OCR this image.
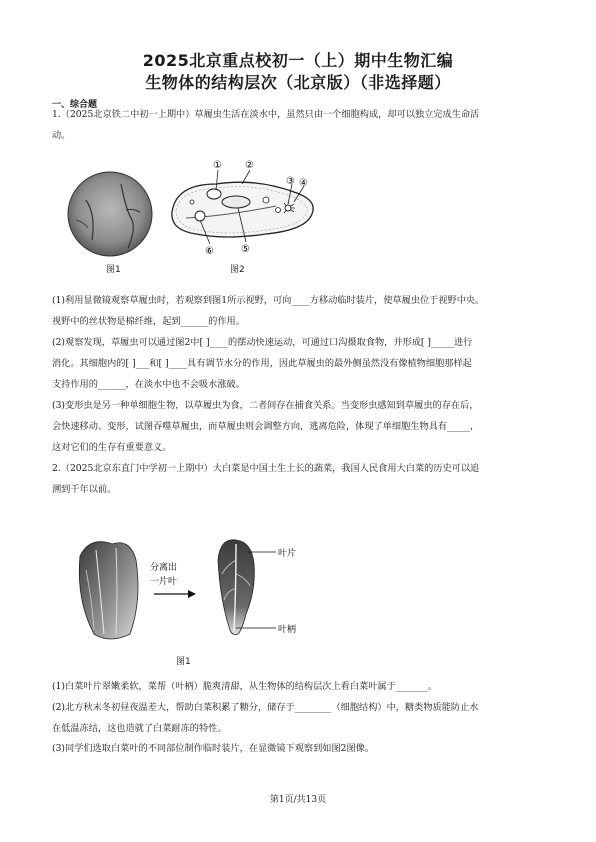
2025北京重点校初一（上）期中生物汇编
生物体的结构层次（北京版）（非选择题）
一、综合题
1.（2025北京铁二中初一上期中）草履虫生活在淡水中，虽然只由一个细胞构成，却可以独立完成生命活
动。
图1
① ②
③ ④
⑤
⑥
图2
(1)利用显微镜观察草履虫时，若观察到图1所示视野，可向____方移动临时装片，使草履虫位于视野中央。
视野中的丝状物是棉纤维，起到______的作用。
(2)观察发现，草履虫可以通过图2中[ ]____的摆动快速运动，可通过口沟摄取食物，并形成[ ]_____进行
消化。其细胞内的[ ]___和[ ]____具有调节水分的作用，因此草履虫的最外侧虽然没有像植物细胞那样起
支持作用的______，在淡水中也不会吸水涨破。
(3)变形虫是另一种单细胞生物，以草履虫为食，二者间存在捕食关系。当变形虫感知到草履虫的存在后，
会快速移动、变形，试图吞噬草履虫，而草履虫则会调整方向，逃离危险，体现了单细胞生物具有_____，
这对它们的生存有重要意义。
2.（2025北京东直门中学初一上期中）大白菜是中国土生土长的蔬菜，我国人民食用大白菜的历史可以追
溯到千年以前。
分离出
一片叶
叶片
叶柄
图1
(1)白菜叶片翠嫩柔软，菜帮（叶柄）脆爽清甜，从生物体的结构层次上看白菜叶属于_______。
(2)北方秋末冬初昼夜温差大，帮助白菜积累了糖分，储存于________（细胞结构）中，糖类物质能防止水
在低温冻结，这也造就了白菜耐冻的特性。
(3)同学们选取白菜叶的不同部位制作临时装片，在显微镜下观察到如图2图像。
第1页/共13页
